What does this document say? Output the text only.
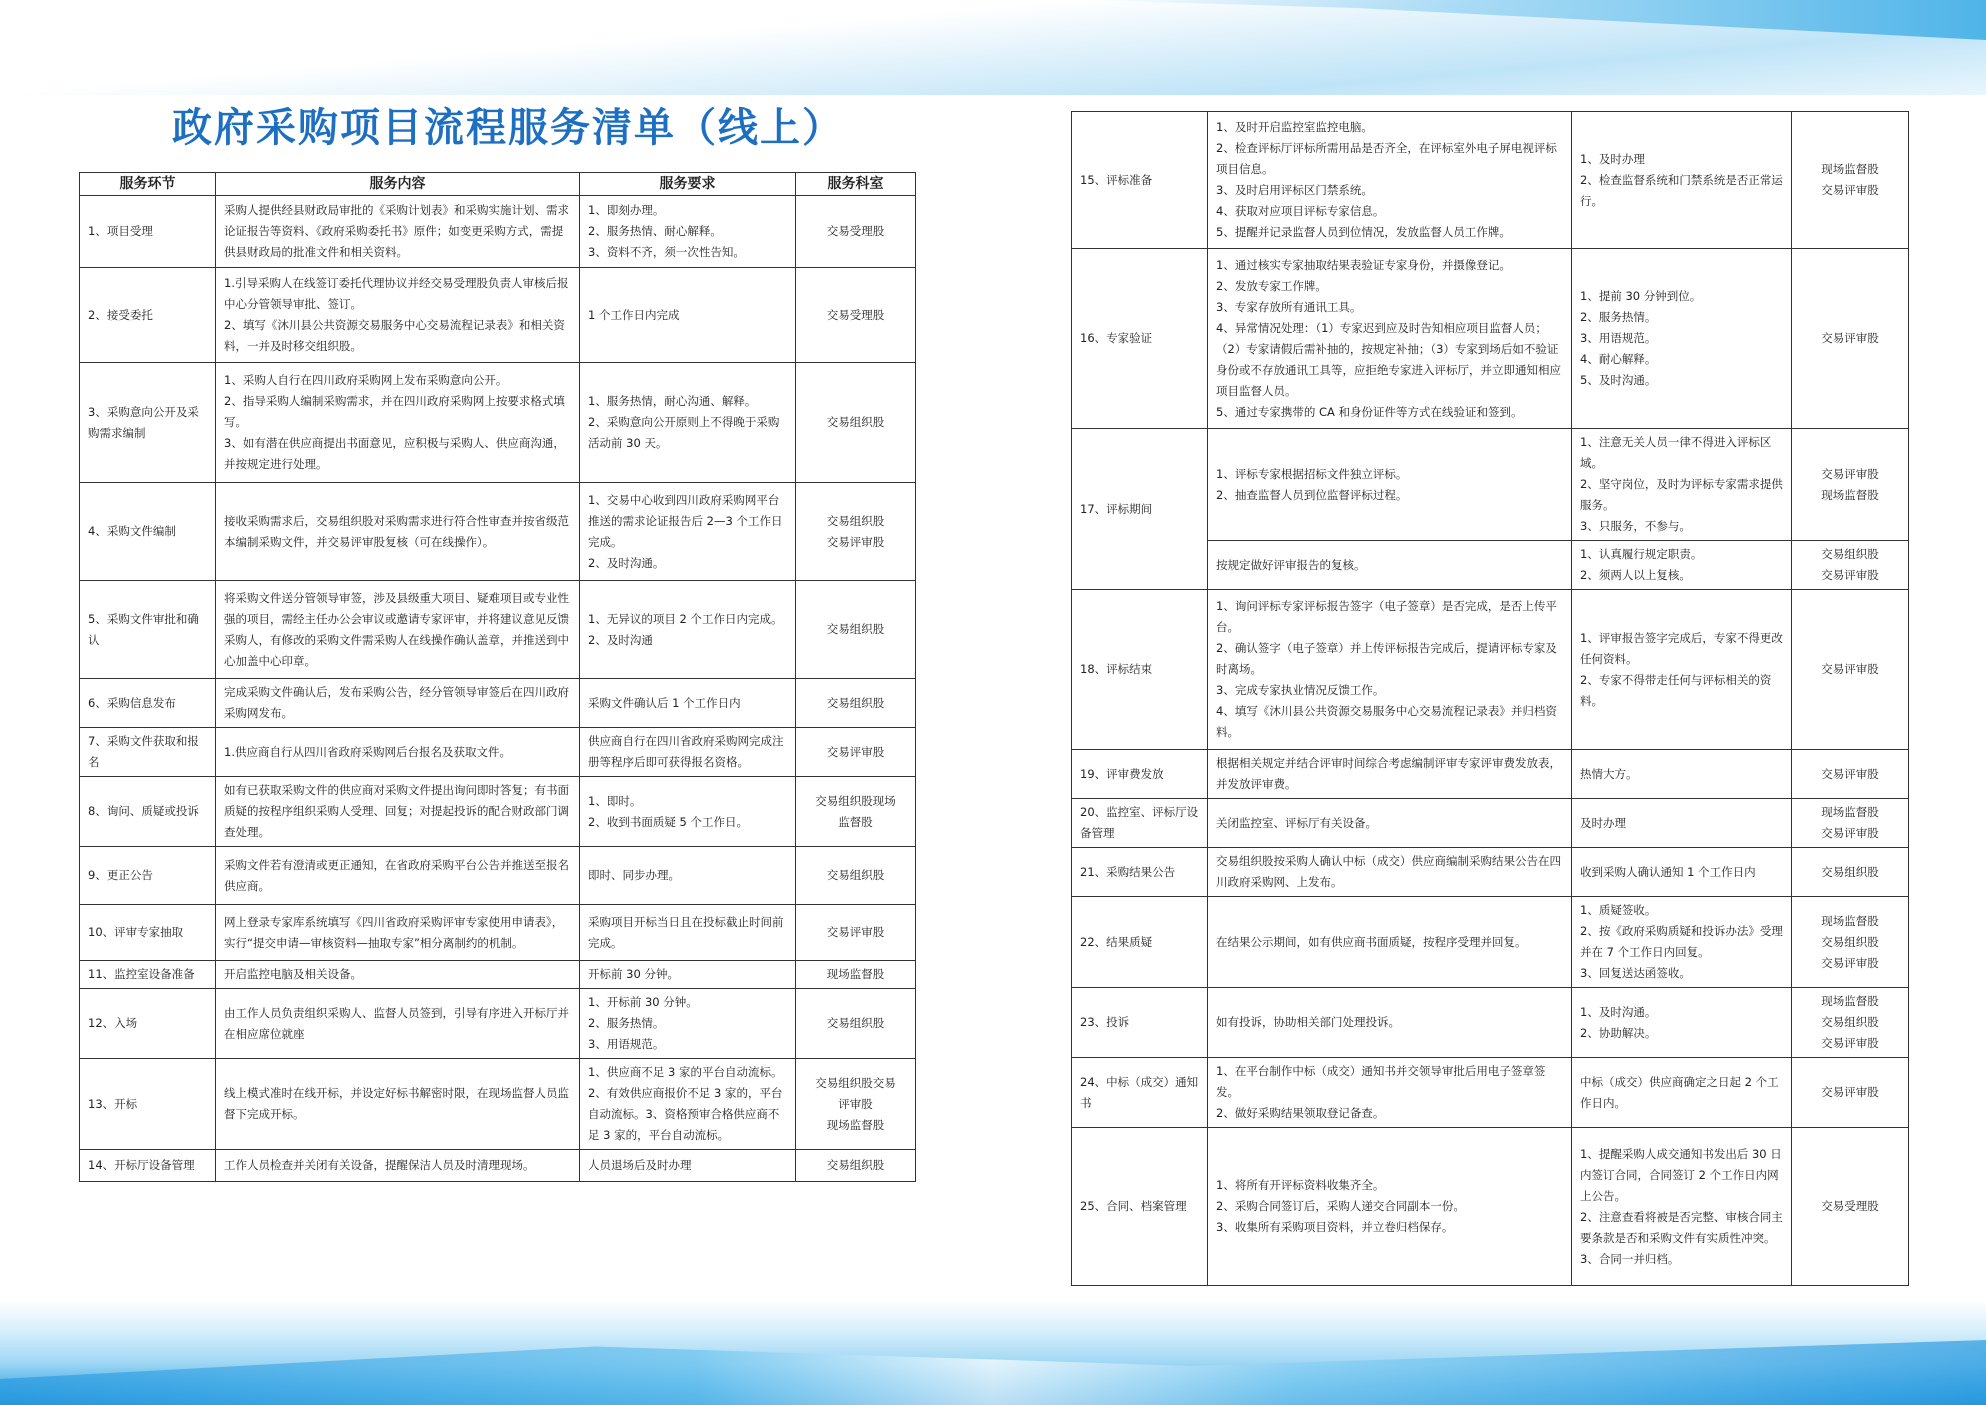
政府采购项目流程服务清单（线上）
服务环节	服务内容	服务要求	服务科室
1、项目受理	采购人提供经县财政局审批的《采购计划表》和采购实施计划、需求论证报告等资料、《政府采购委托书》原件；如变更采购方式，需提供县财政局的批准文件和相关资料。	1、即刻办理。
2、服务热情、耐心解释。
3、资料不齐，须一次性告知。	交易受理股

2、接受委托	1.引导采购人在线签订委托代理协议并经交易受理股负责人审核后报中心分管领导审批、签订。
2、填写《沐川县公共资源交易服务中心交易流程记录表》和相关资料，一并及时移交组织股。	1 个工作日内完成	交易受理股

3、采购意向公开及采购需求编制	1、采购人自行在四川政府采购网上发布采购意向公开。
2、指导采购人编制采购需求，并在四川政府采购网上按要求格式填写。
3、如有潜在供应商提出书面意见，应积极与采购人、供应商沟通，并按规定进行处理。	1、服务热情，耐心沟通、解释。
2、采购意向公开原则上不得晚于采购活动前 30 天。	交易组织股

4、采购文件编制	接收采购需求后，交易组织股对采购需求进行符合性审查并按省级范本编制采购文件，并交易评审股复核（可在线操作）。	1、交易中心收到四川政府采购网平台推送的需求论证报告后 2—3 个工作日完成。
2、及时沟通。	交易组织股
交易评审股

5、采购文件审批和确认	将采购文件送分管领导审签，涉及县级重大项目、疑难项目或专业性强的项目，需经主任办公会审议或邀请专家评审，并将建议意见反馈采购人，有修改的采购文件需采购人在线操作确认盖章，并推送到中心加盖中心印章。	1、无异议的项目 2 个工作日内完成。
2、及时沟通	交易组织股

6、采购信息发布	完成采购文件确认后，发布采购公告，经分管领导审签后在四川政府采购网发布。	采购文件确认后 1 个工作日内	交易组织股

7、采购文件获取和报名	1.供应商自行从四川省政府采购网后台报名及获取文件。	供应商自行在四川省政府采购网完成注册等程序后即可获得报名资格。	交易评审股

8、询问、质疑或投诉	如有已获取采购文件的供应商对采购文件提出询问即时答复；有书面质疑的按程序组织采购人受理、回复；对提起投诉的配合财政部门调查处理。	1、即时。
2、收到书面质疑 5 个工作日。	交易组织股现场
监督股

9、更正公告	采购文件若有澄清或更正通知，在省政府采购平台公告并推送至报名供应商。	即时、同步办理。	交易组织股

10、评审专家抽取	网上登录专家库系统填写《四川省政府采购评审专家使用申请表》，实行“提交申请—审核资料—抽取专家”相分离制约的机制。	采购项目开标当日且在投标截止时间前完成。	交易评审股

11、监控室设备准备	开启监控电脑及相关设备。	开标前 30 分钟。	现场监督股

12、入场	由工作人员负责组织采购人、监督人员签到，引导有序进入开标厅并在相应席位就座	1、开标前 30 分钟。
2、服务热情。
3、用语规范。	交易组织股

13、开标	线上模式准时在线开标，并设定好标书解密时限，在现场监督人员监督下完成开标。	1、供应商不足 3 家的平台自动流标。
2、有效供应商报价不足 3 家的，平台自动流标。3、资格预审合格供应商不足 3 家的，平台自动流标。	交易组织股交易
评审股
现场监督股

14、开标厅设备管理	工作人员检查并关闭有关设备，提醒保洁人员及时清理现场。	人员退场后及时办理	交易组织股
15、评标准备	1、及时开启监控室监控电脑。
2、检查评标厅评标所需用品是否齐全，在评标室外电子屏电视评标项目信息。
3、及时启用评标区门禁系统。
4、获取对应项目评标专家信息。
5、提醒并记录监督人员到位情况，发放监督人员工作牌。	1、及时办理
2、检查监督系统和门禁系统是否正常运行。	现场监督股
交易评审股

16、专家验证	1、通过核实专家抽取结果表验证专家身份，并摄像登记。
2、发放专家工作牌。
3、专家存放所有通讯工具。
4、异常情况处理：（1）专家迟到应及时告知相应项目监督人员；（2）专家请假后需补抽的，按规定补抽；（3）专家到场后如不验证身份或不存放通讯工具等，应拒绝专家进入评标厅，并立即通知相应项目监督人员。
5、通过专家携带的 CA 和身份证件等方式在线验证和签到。	1、提前 30 分钟到位。
2、服务热情。
3、用语规范。
4、耐心解释。
5、及时沟通。	交易评审股

17、评标期间	1、评标专家根据招标文件独立评标。
2、抽查监督人员到位监督评标过程。	1、注意无关人员一律不得进入评标区域。
2、坚守岗位，及时为评标专家需求提供服务。
3、只服务，不参与。	交易评审股
现场监督股

	按规定做好评审报告的复核。	1、认真履行规定职责。
2、须两人以上复核。	交易组织股
交易评审股

18、评标结束	1、询问评标专家评标报告签字（电子签章）是否完成，是否上传平台。
2、确认签字（电子签章）并上传评标报告完成后，提请评标专家及时离场。
3、完成专家执业情况反馈工作。
4、填写《沐川县公共资源交易服务中心交易流程记录表》并归档资料。	1、评审报告签字完成后，专家不得更改任何资料。
2、专家不得带走任何与评标相关的资料。	交易评审股

19、评审费发放	根据相关规定并结合评审时间综合考虑编制评审专家评审费发放表，并发放评审费。	热情大方。	交易评审股

20、监控室、评标厅设备管理	关闭监控室、评标厅有关设备。	及时办理	现场监督股
交易评审股

21、采购结果公告	交易组织股按采购人确认中标（成交）供应商编制采购结果公告在四川政府采购网、上发布。	收到采购人确认通知 1 个工作日内	交易组织股

22、结果质疑	在结果公示期间，如有供应商书面质疑，按程序受理并回复。	1、质疑签收。
2、按《政府采购质疑和投诉办法》受理并在 7 个工作日内回复。
3、回复送达函签收。	现场监督股
交易组织股
交易评审股

23、投诉	如有投诉，协助相关部门处理投诉。	1、及时沟通。
2、协助解决。	现场监督股
交易组织股
交易评审股

24、中标（成交）通知书	1、在平台制作中标（成交）通知书并交领导审批后用电子签章签发。
2、做好采购结果领取登记备查。	中标（成交）供应商确定之日起 2 个工作日内。	交易评审股

25、合同、档案管理	1、将所有开评标资料收集齐全。
2、采购合同签订后，采购人递交合同副本一份。
3、收集所有采购项目资料，并立卷归档保存。	1、提醒采购人成交通知书发出后 30 日内签订合同，合同签订 2 个工作日内网上公告。
2、注意查看将被是否完整、审核合同主要条款是否和采购文件有实质性冲突。
3、合同一并归档。	交易受理股
